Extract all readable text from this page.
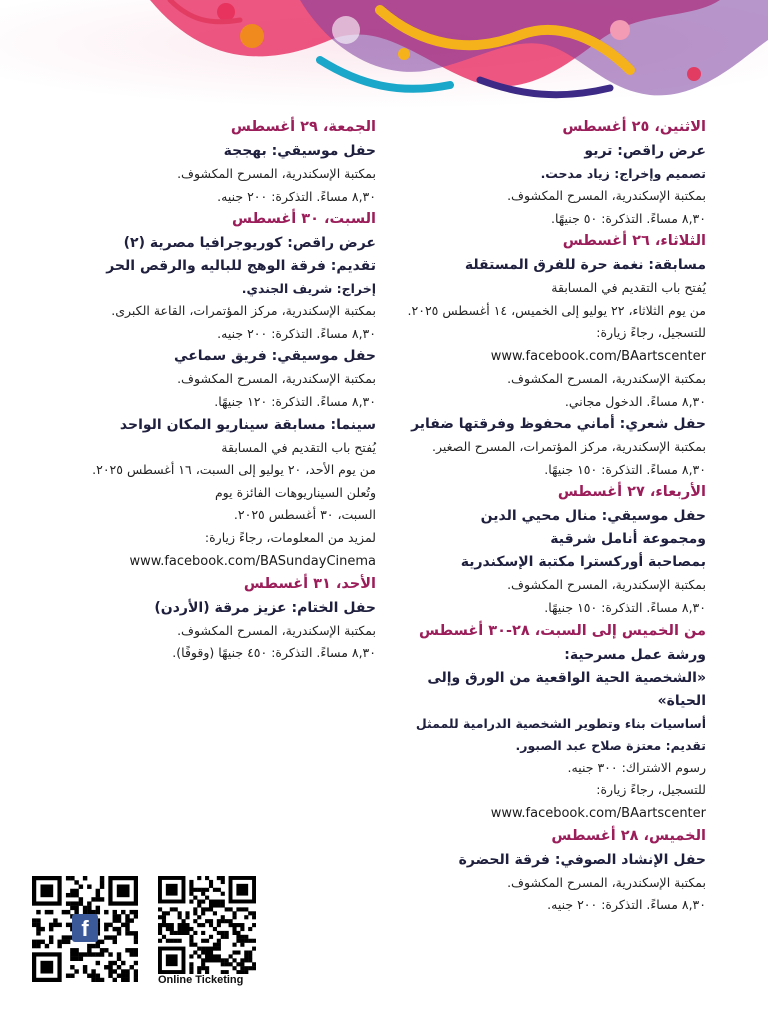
الاثنين، ٢٥ أغسطس
عرض راقص: تريو
تصميم وإخراج: زياد مدحت.
بمكتبة الإسكندرية، المسرح المكشوف.
٨,٣٠ مساءً. التذكرة: ٥٠ جنيهًا.
الثلاثاء، ٢٦ أغسطس
مسابقة: نغمة حرة للفرق المستقلة
يُفتح باب التقديم في المسابقة
من يوم الثلاثاء، ٢٢ يوليو إلى الخميس، ١٤ أغسطس ٢٠٢٥.
للتسجيل، رجاءً زيارة:
www.facebook.com/BAartscenter
بمكتبة الإسكندرية، المسرح المكشوف.
٨,٣٠ مساءً. الدخول مجاني.
حفل شعري: أماني محفوظ وفرقتها ضفاير
بمكتبة الإسكندرية، مركز المؤتمرات، المسرح الصغير.
٨,٣٠ مساءً. التذكرة: ١٥٠ جنيهًا.
الأربعاء، ٢٧ أغسطس
حفل موسيقي: منال محيي الدين
ومجموعة أنامل شرقية
بمصاحبة أوركسترا مكتبة الإسكندرية
بمكتبة الإسكندرية، المسرح المكشوف.
٨,٣٠ مساءً. التذكرة: ١٥٠ جنيهًا.
من الخميس إلى السبت، ٢٨-٣٠ أغسطس
ورشة عمل مسرحية:
«الشخصية الحية الواقعية من الورق وإلى الحياة»
أساسيات بناء وتطوير الشخصية الدرامية للممثل
تقديم: معتزة صلاح عبد الصبور.
رسوم الاشتراك: ٣٠٠ جنيه.
للتسجيل، رجاءً زيارة:
www.facebook.com/BAartscenter
الخميس، ٢٨ أغسطس
حفل الإنشاد الصوفي: فرقة الحضرة
بمكتبة الإسكندرية، المسرح المكشوف.
٨,٣٠ مساءً. التذكرة: ٢٠٠ جنيه.
الجمعة، ٢٩ أغسطس
حفل موسيقي: بهججة
بمكتبة الإسكندرية، المسرح المكشوف.
٨,٣٠ مساءً. التذكرة: ٢٠٠ جنيه.
السبت، ٣٠ أغسطس
عرض راقص: كوريوجرافيا مصرية (٢)
تقديم: فرقة الوهج للباليه والرقص الحر
إخراج: شريف الجندي.
بمكتبة الإسكندرية، مركز المؤتمرات، القاعة الكبرى.
٨,٣٠ مساءً. التذكرة: ٢٠٠ جنيه.
حفل موسيقي: فريق سماعي
بمكتبة الإسكندرية، المسرح المكشوف.
٨,٣٠ مساءً. التذكرة: ١٢٠ جنيهًا.
سينما: مسابقة سيناريو المكان الواحد
يُفتح باب التقديم في المسابقة
من يوم الأحد، ٢٠ يوليو إلى السبت، ١٦ أغسطس ٢٠٢٥.
وتُعلن السيناريوهات الفائزة يوم
السبت، ٣٠ أغسطس ٢٠٢٥.
لمزيد من المعلومات، رجاءً زيارة:
www.facebook.com/BASundayCinema
الأحد، ٣١ أغسطس
حفل الختام: عزيز مرقة (الأردن)
بمكتبة الإسكندرية، المسرح المكشوف.
٨,٣٠ مساءً. التذكرة: ٤٥٠ جنيهًا (وقوفًا).
f
Online Ticketing
